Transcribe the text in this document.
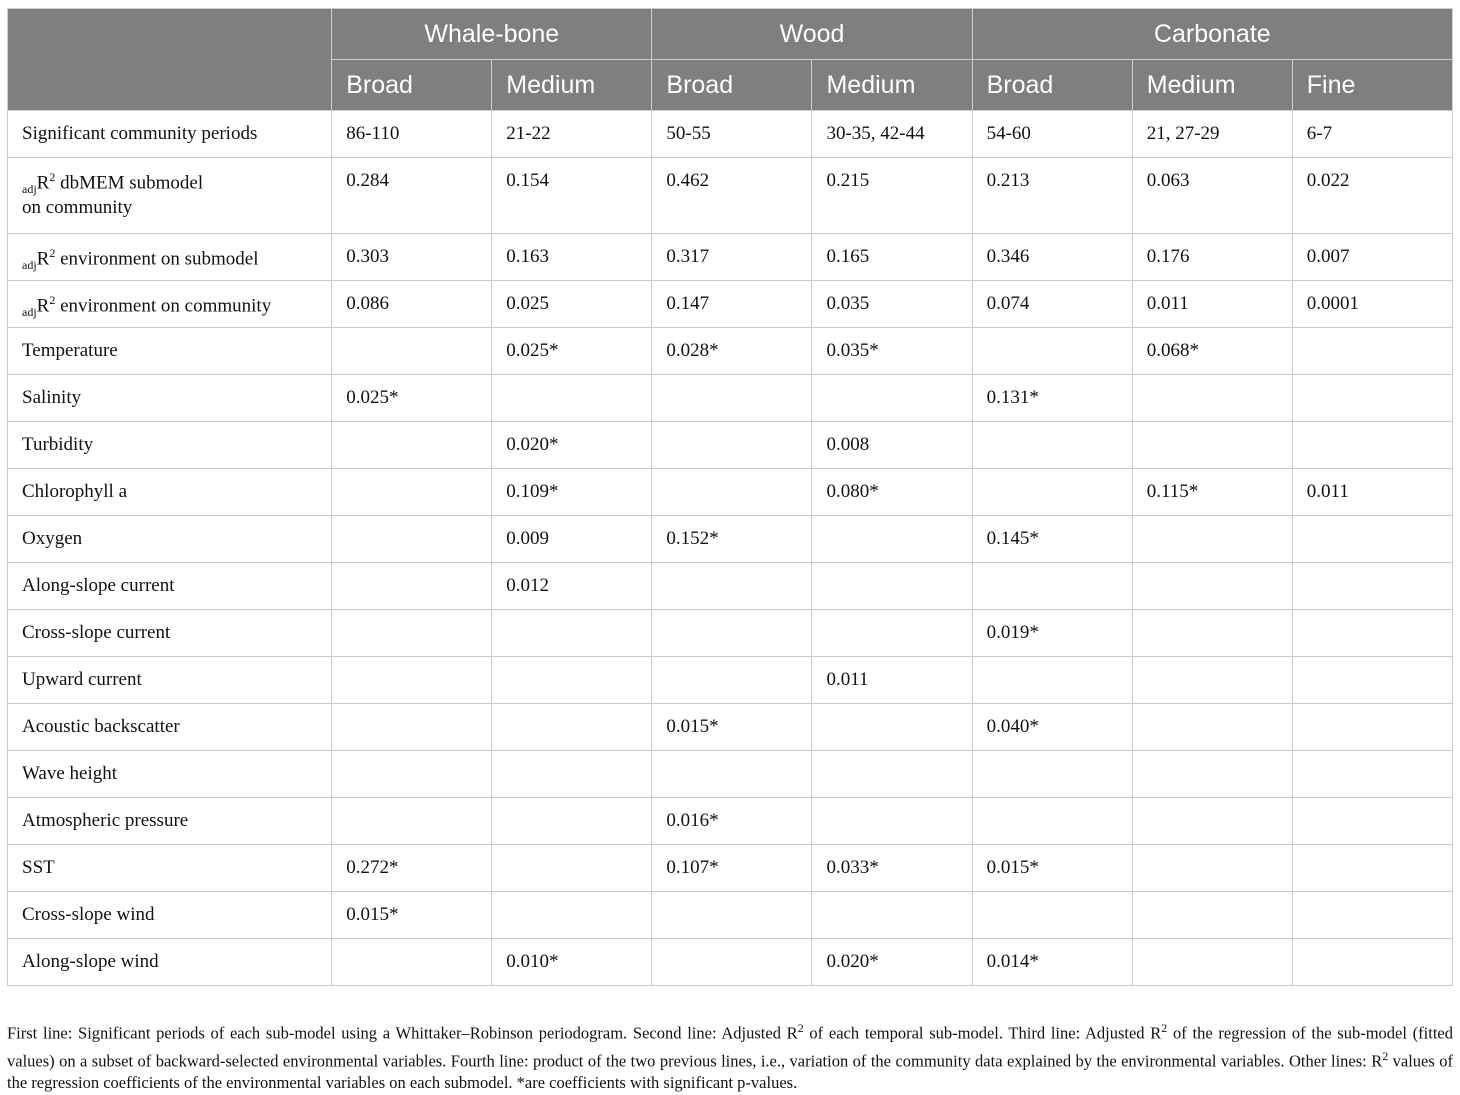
	Whale-bone		Wood		Carbonate		
	Broad	Medium	Broad	Medium	Broad	Medium	Fine
Significant community periods	86-110	21-22	50-55	30-35, 42-44	54-60	21, 27-29	6-7
$_{adj}R^2$ dbMEM submodel
on community	0.284	0.154	0.462	0.215	0.213	0.063	0.022
$_{adj}R^2$ environment on submodel	0.303	0.163	0.317	0.165	0.346	0.176	0.007
$_{adj}R^2$ environment on community	0.086	0.025	0.147	0.035	0.074	0.011	0.0001
Temperature		0.025*	0.028*	0.035*		0.068*	
Salinity	0.025*				0.131*		
Turbidity		0.020*		0.008			
Chlorophyll a		0.109*		0.080*		0.115*	0.011
Oxygen		0.009	0.152*		0.145*		
Along-slope current		0.012					
Cross-slope current					0.019*		
Upward current				0.011			
Acoustic backscatter			0.015*		0.040*		
Wave height							
Atmospheric pressure			0.016*				
SST	0.272*		0.107*	0.033*	0.015*		
Cross-slope wind	0.015*						
Along-slope wind		0.010*		0.020*	0.014*		
First line: Significant periods of each sub-model using a Whittaker–Robinson periodogram. Second line: Adjusted $R^2$ of each temporal sub-model. Third line: Adjusted $R^2$ of the regression of the sub-model (fitted values) on a subset of backward-selected environmental variables. Fourth line: product of the two previous lines, i.e., variation of the community data explained by the environmental variables. Other lines: $R^2$ values of the regression coefficients of the environmental variables on each submodel. *are coefficients with significant p-values.
